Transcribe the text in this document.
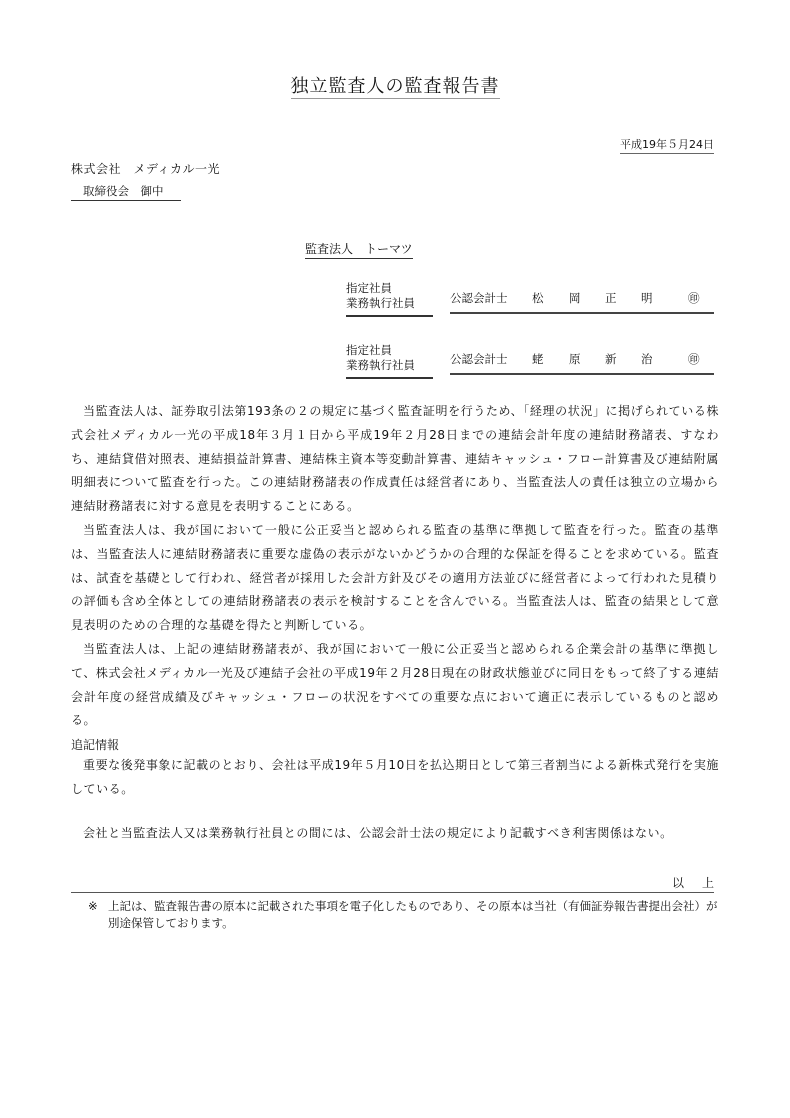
独立監査人の監査報告書
平成19年５月24日
株式会社　メディカル一光
取締役会　御中
監査法人　トーマツ
指定社員
業務執行社員	公認会計士 松 岡 正 明	㊞
指定社員
業務執行社員	公認会計士 蛯 原 新 治	㊞

当監査法人は、証券取引法第193条の２の規定に基づく監査証明を行うため、「経理の状況」に掲げられている株式会社メディカル一光の平成18年３月１日から平成19年２月28日までの連結会計年度の連結財務諸表、すなわち、連結貸借対照表、連結損益計算書、連結株主資本等変動計算書、連結キャッシュ・フロー計算書及び連結附属明細表について監査を行った。この連結財務諸表の作成責任は経営者にあり、当監査法人の責任は独立の立場から連結財務諸表に対する意見を表明することにある。

当監査法人は、我が国において一般に公正妥当と認められる監査の基準に準拠して監査を行った。監査の基準は、当監査法人に連結財務諸表に重要な虚偽の表示がないかどうかの合理的な保証を得ることを求めている。監査は、試査を基礎として行われ、経営者が採用した会計方針及びその適用方法並びに経営者によって行われた見積りの評価も含め全体としての連結財務諸表の表示を検討することを含んでいる。当監査法人は、監査の結果として意見表明のための合理的な基礎を得たと判断している。

当監査法人は、上記の連結財務諸表が、我が国において一般に公正妥当と認められる企業会計の基準に準拠して、株式会社メディカル一光及び連結子会社の平成19年２月28日現在の財政状態並びに同日をもって終了する連結会計年度の経営成績及びキャッシュ・フローの状況をすべての重要な点において適正に表示しているものと認める。

追記情報

重要な後発事象に記載のとおり、会社は平成19年５月10日を払込期日として第三者割当による新株式発行を実施している。

会社と当監査法人又は業務執行社員との間には、公認会計士法の規定により記載すべき利害関係はない。

以上
※ 上記は、監査報告書の原本に記載された事項を電子化したものであり、その原本は当社（有価証券報告書提出会社）が別途保管しております。
